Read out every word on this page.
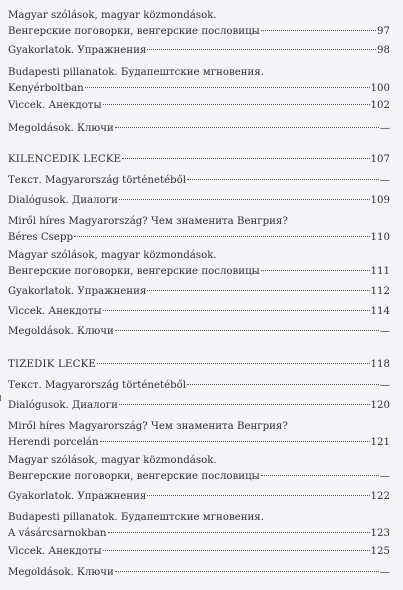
Magyar szólások, magyar közmondások.
Венгерские поговорки, венгерские пословицы	97
Gyakorlatok. Упражнения	98
Budapesti pillanatok. Будапештские мгновения.
Kenyérboltban	100
Viccek. Анекдоты	102
Megoldások. Ключи	—
KILENCEDIK LECKE	107
Текст. Magyarország történetéből	—
Dialógusok. Диалоги	109
Miről híres Magyarország? Чем знаменита Венгрия?
Béres Csepp	110
Magyar szólások, magyar közmondások.
Венгерские поговорки, венгерские пословицы	111
Gyakorlatok. Упражнения	112
Viccek. Анекдоты	114
Megoldások. Ключи	—
TIZEDIK LECKE	118
Текст. Magyarország történetéből	—
Dialógusok. Диалоги	120
Miről híres Magyarország? Чем знаменита Венгрия?
Herendi porcelán	121
Magyar szólások, magyar közmondások.
Венгерские поговорки, венгерские пословицы	—
Gyakorlatok. Упражнения	122
Budapesti pillanatok. Будапештские мгновения.
A vásárcsarnokban	123
Viccek. Анекдоты	125
Megoldások. Ключи	—
